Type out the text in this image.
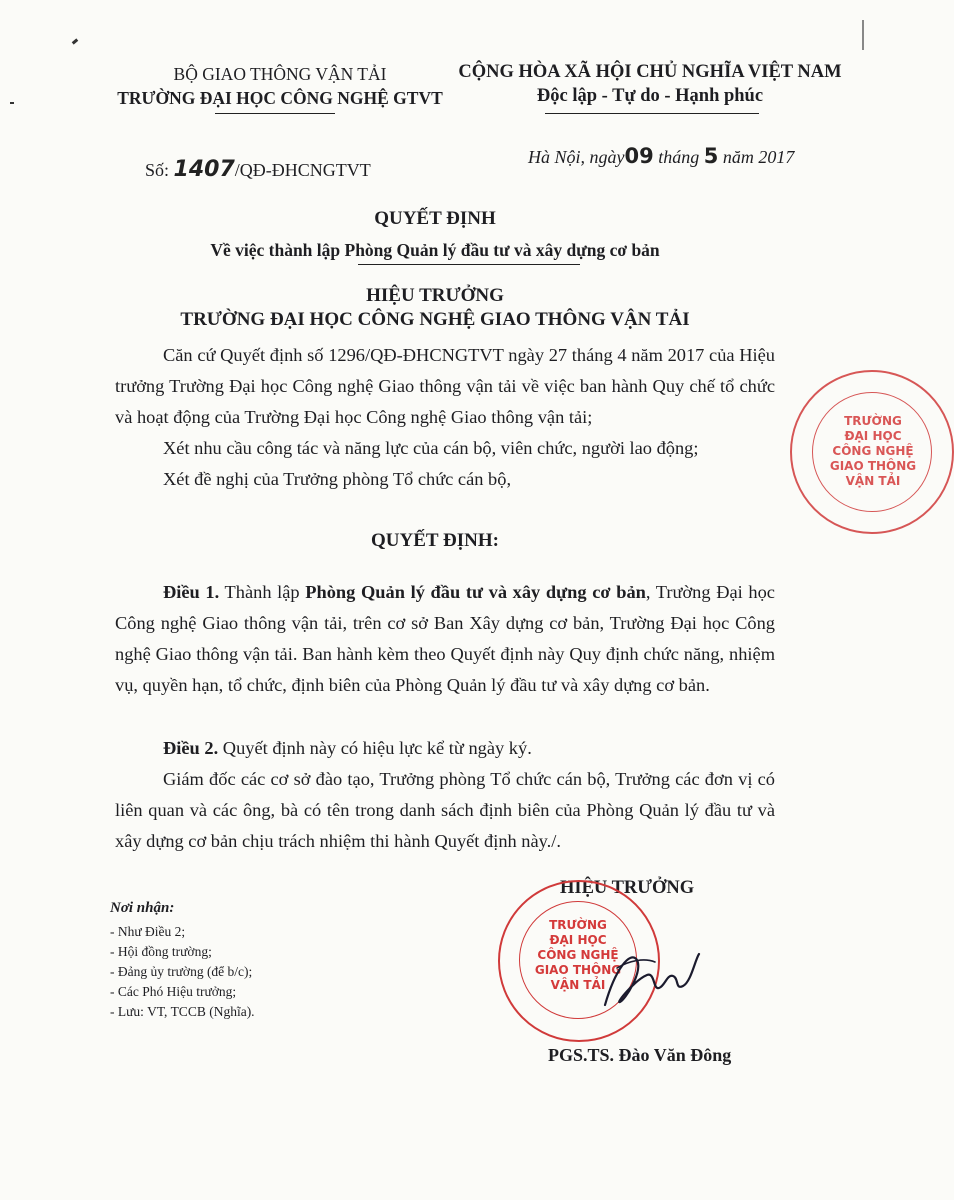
BỘ GIAO THÔNG VẬN TẢI
TRƯỜNG ĐẠI HỌC CÔNG NGHỆ GTVT
CỘNG HÒA XÃ HỘI CHỦ NGHĨA VIỆT NAM
Độc lập - Tự do - Hạnh phúc
Số: 1407/QĐ-ĐHCNGTVT
Hà Nội, ngày09 tháng 5 năm 2017
QUYẾT ĐỊNH
Về việc thành lập Phòng Quản lý đầu tư và xây dựng cơ bản
HIỆU TRƯỞNG
TRƯỜNG ĐẠI HỌC CÔNG NGHỆ GIAO THÔNG VẬN TẢI
Căn cứ Quyết định số 1296/QĐ-ĐHCNGTVT ngày 27 tháng 4 năm 2017 của Hiệu trưởng Trường Đại học Công nghệ Giao thông vận tải về việc ban hành Quy chế tổ chức và hoạt động của Trường Đại học Công nghệ Giao thông vận tải;
Xét nhu cầu công tác và năng lực của cán bộ, viên chức, người lao động;
Xét đề nghị của Trưởng phòng Tổ chức cán bộ,
QUYẾT ĐỊNH:
Điều 1. Thành lập Phòng Quản lý đầu tư và xây dựng cơ bản, Trường Đại học Công nghệ Giao thông vận tải, trên cơ sở Ban Xây dựng cơ bản, Trường Đại học Công nghệ Giao thông vận tải. Ban hành kèm theo Quyết định này Quy định chức năng, nhiệm vụ, quyền hạn, tổ chức, định biên của Phòng Quản lý đầu tư và xây dựng cơ bản.
Điều 2. Quyết định này có hiệu lực kể từ ngày ký.
Giám đốc các cơ sở đào tạo, Trưởng phòng Tổ chức cán bộ, Trưởng các đơn vị có liên quan và các ông, bà có tên trong danh sách định biên của Phòng Quản lý đầu tư và xây dựng cơ bản chịu trách nhiệm thi hành Quyết định này./.
Nơi nhận:
- Như Điều 2;
- Hội đồng trường;
- Đảng ủy trường (để b/c);
- Các Phó Hiệu trưởng;
- Lưu: VT, TCCB (Nghĩa).
TRƯỜNG
ĐẠI HỌC
CÔNG NGHỆ
GIAO THÔNG
VẬN TẢI
HIỆU TRƯỞNG
TRƯỜNG
ĐẠI HỌC
CÔNG NGHỆ
GIAO THÔNG
VẬN TẢI
PGS.TS. Đào Văn Đông
